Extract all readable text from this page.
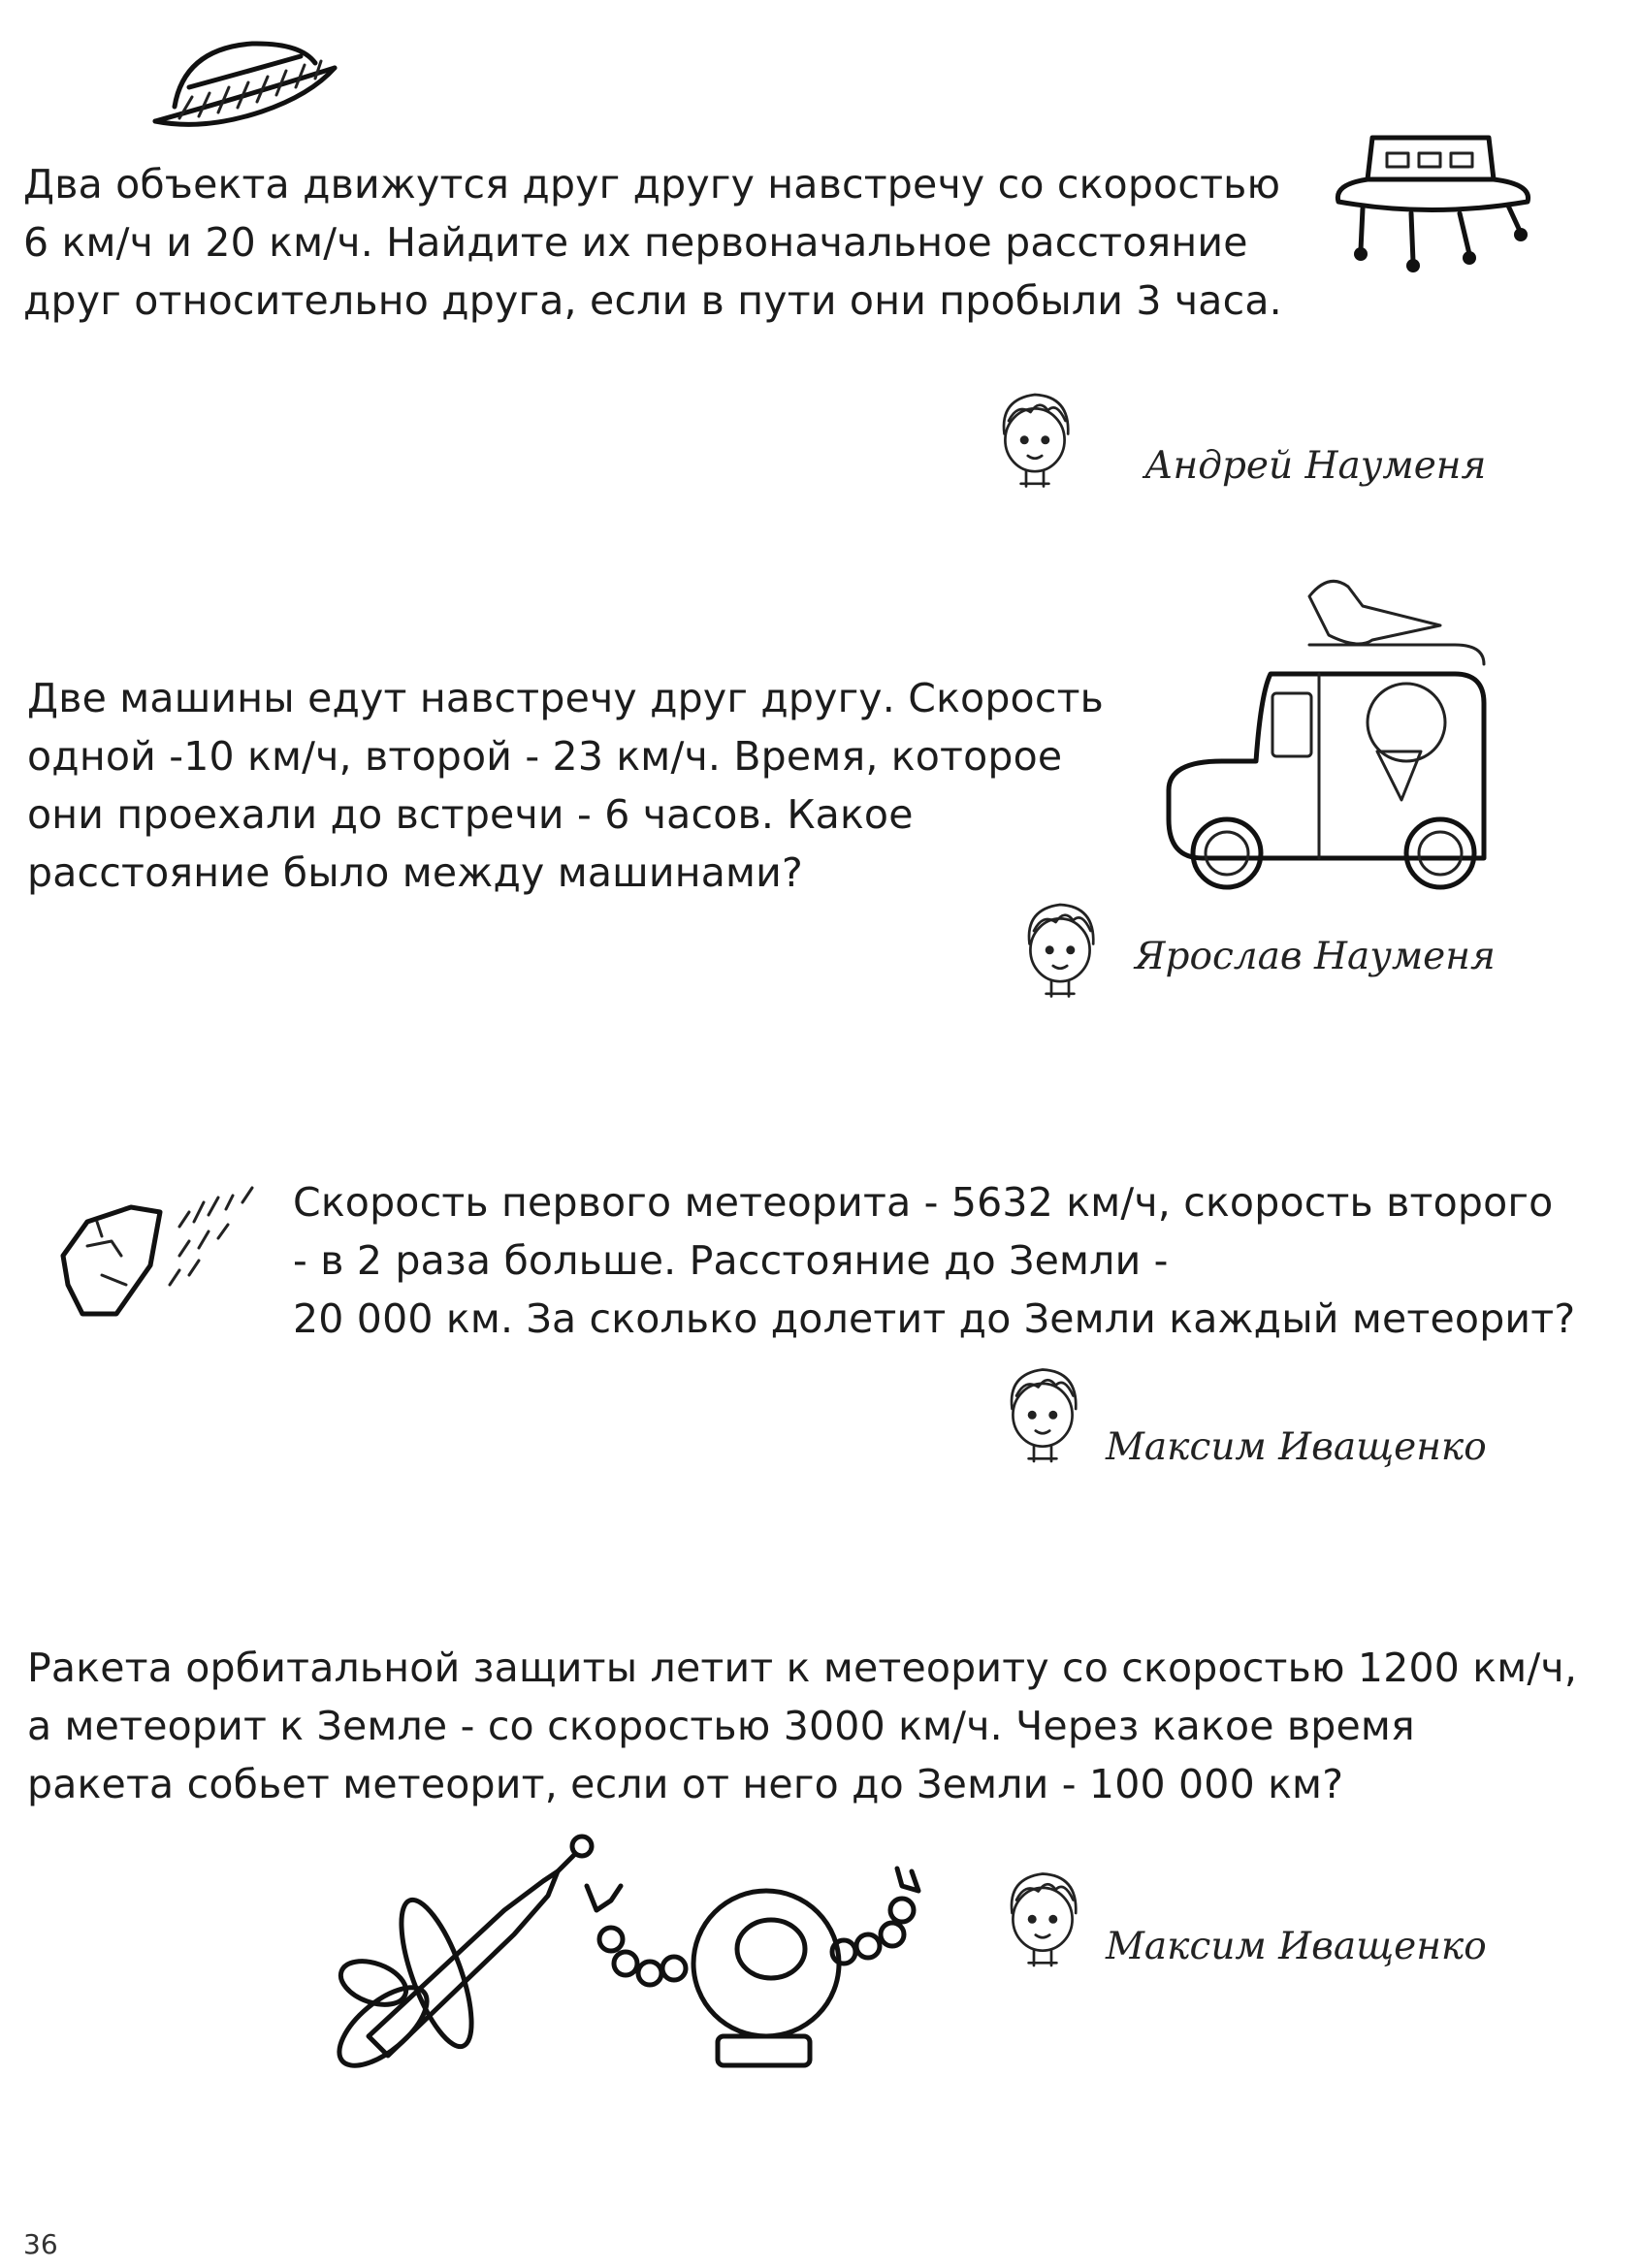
Два объекта движутся друг другу навстречу со скоростью
6 км/ч и 20 км/ч. Найдите их первоначальное расстояние
друг относительно друга, если в пути они пробыли 3 часа.
Андрей Науменя
Две машины едут навстречу друг другу. Скорость
одной -10 км/ч, второй - 23 км/ч. Время, которое
они проехали до встречи - 6 часов. Какое
расстояние было между машинами?
Ярослав Науменя
Скорость первого метеорита - 5632 км/ч, скорость второго
- в 2 раза больше. Расстояние до Земли -
20 000 км. За сколько долетит до Земли каждый метеорит?
Максим Иващенко
Ракета орбитальной защиты летит к метеориту со скоростью 1200 км/ч,
а метеорит к Земле - со скоростью 3000 км/ч. Через какое время
ракета собьет метеорит, если от него до Земли - 100 000 км?
Максим Иващенко
36
